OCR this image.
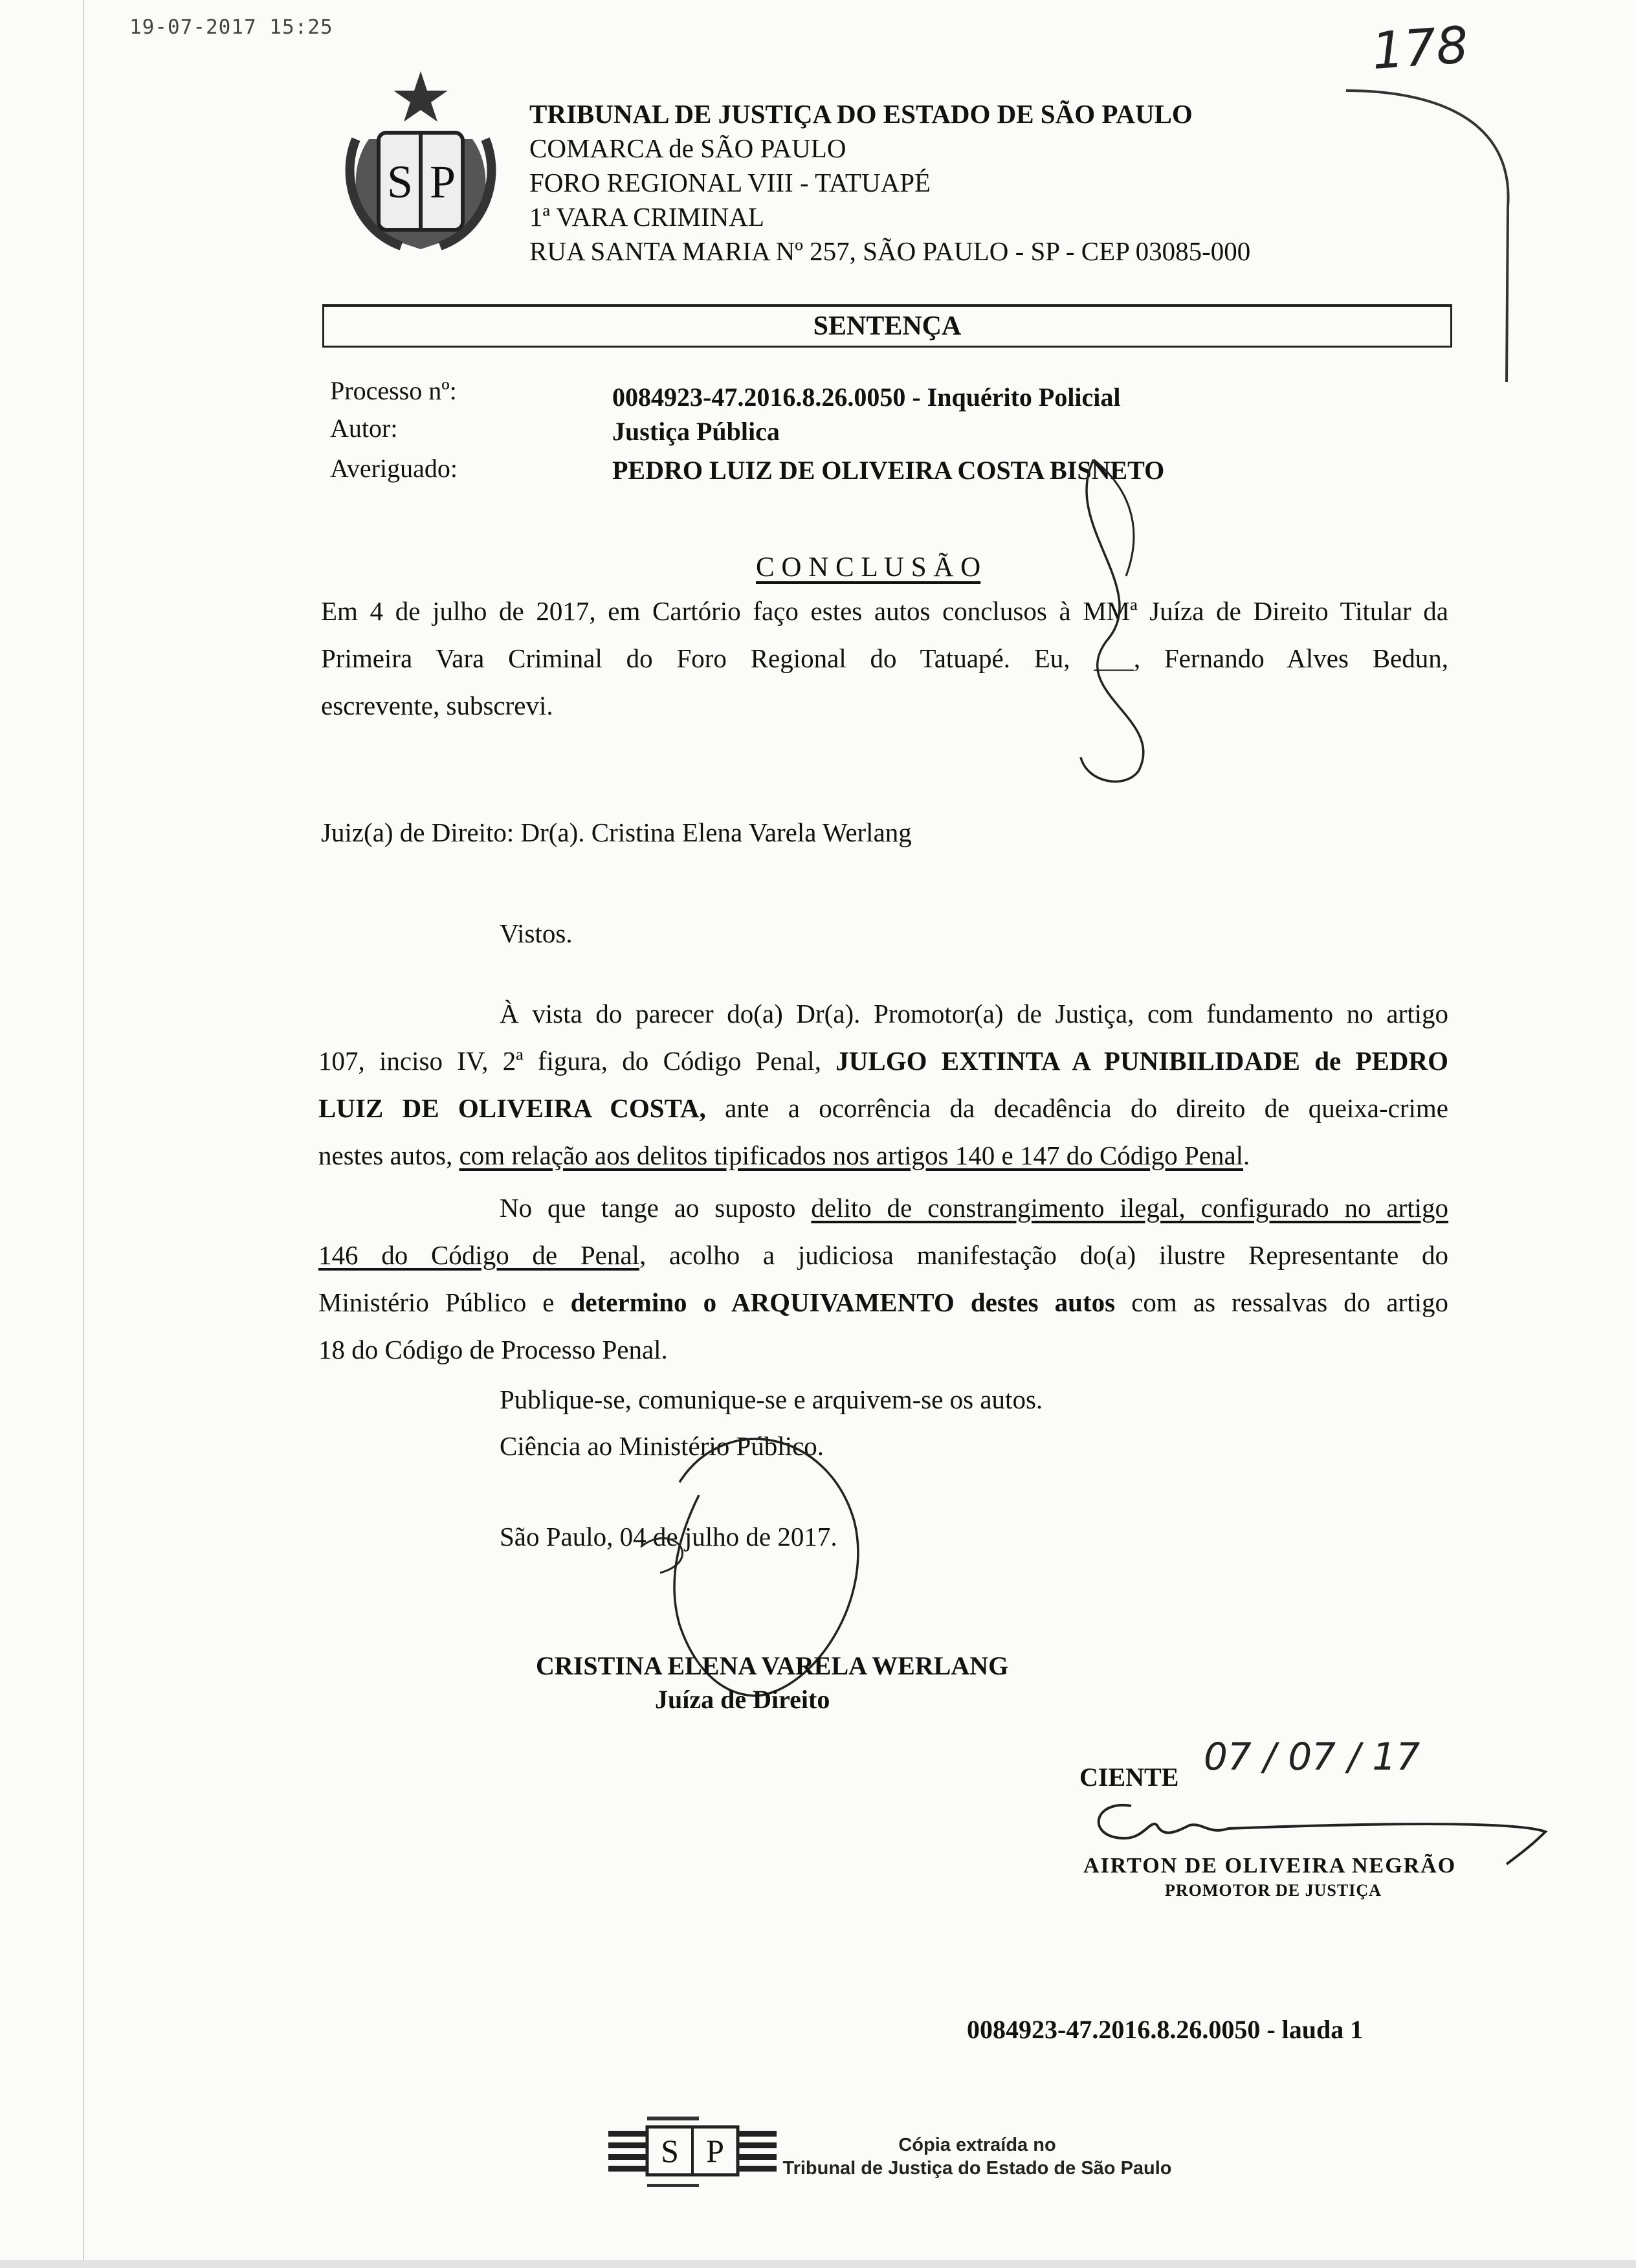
19-07-2017 15:25	178
S P
TRIBUNAL DE JUSTIÇA DO ESTADO DE SÃO PAULO
COMARCA de SÃO PAULO
FORO REGIONAL VIII - TATUAPÉ
1ª VARA CRIMINAL
RUA SANTA MARIA Nº 257, SÃO PAULO - SP - CEP 03085-000
SENTENÇA
Processo nº:	0084923-47.2016.8.26.0050 - Inquérito Policial
Autor:	Justiça Pública
Averiguado:	PEDRO LUIZ DE OLIVEIRA COSTA BISNETO
C O N C L U S Ã O
Em 4 de julho de 2017, em Cartório faço estes autos conclusos à MMª Juíza de Direito Titular da
Primeira Vara Criminal do Foro Regional do Tatuapé. Eu, ___, Fernando Alves Bedun,
escrevente, subscrevi.
Juiz(a) de Direito: Dr(a). Cristina Elena Varela Werlang
Vistos.
À vista do parecer do(a) Dr(a). Promotor(a) de Justiça, com fundamento no artigo
107, inciso IV, 2ª figura, do Código Penal, JULGO EXTINTA A PUNIBILIDADE de PEDRO
LUIZ DE OLIVEIRA COSTA, ante a ocorrência da decadência do direito de queixa-crime
nestes autos, com relação aos delitos tipificados nos artigos 140 e 147 do Código Penal.
No que tange ao suposto delito de constrangimento ilegal, configurado no artigo
146 do Código de Penal, acolho a judiciosa manifestação do(a) ilustre Representante do
Ministério Público e determino o ARQUIVAMENTO destes autos com as ressalvas do artigo
18 do Código de Processo Penal.
Publique-se, comunique-se e arquivem-se os autos.
Ciência ao Ministério Público.
São Paulo, 04 de julho de 2017.
CRISTINA ELENA VARELA WERLANG
Juíza de Direito
CIENTE 07 / 07 / 17
AIRTON DE OLIVEIRA NEGRÃO
PROMOTOR DE JUSTIÇA
0084923-47.2016.8.26.0050 - lauda 1
S P	Cópia extraída no
Tribunal de Justiça do Estado de São Paulo
